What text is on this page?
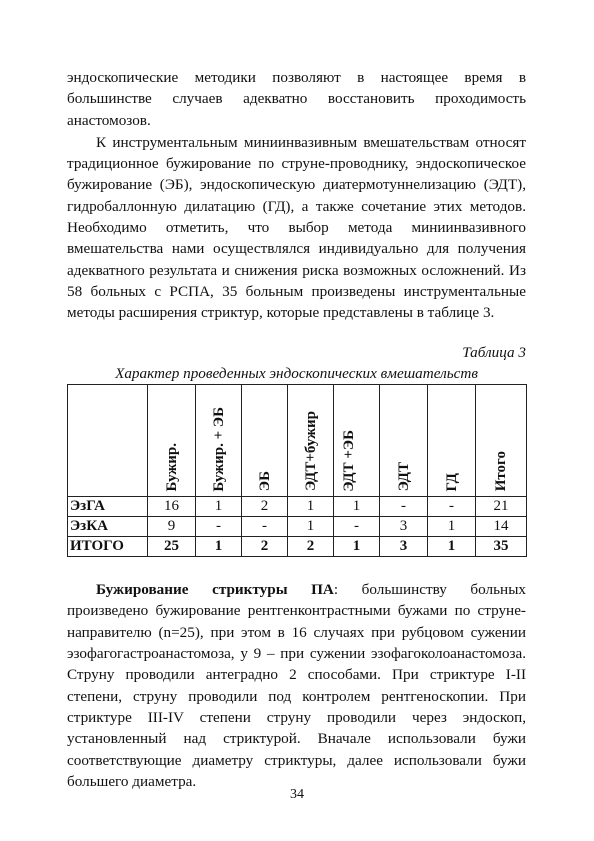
эндоскопические методики позволяют в настоящее время в большинстве случаев адекватно восстановить проходимость анастомозов.

К инструментальным миниинвазивным вмешательствам относят традиционное бужирование по струне-проводнику, эндоскопическое бужирование (ЭБ), эндоскопическую диатермотуннелизацию (ЭДТ), гидробаллонную дилатацию (ГД), а также сочетание этих методов. Необходимо отметить, что выбор метода миниинвазивного вмешательства нами осуществлялся индивидуально для получения адекватного результата и снижения риска возможных осложнений. Из 58 больных с РСПА, 35 больным произведены инструментальные методы расширения стриктур, которые представлены в таблице 3.

Таблица 3

Характер проведенных эндоскопических вмешательств

	Бужир.	Бужир. + ЭБ	ЭБ	ЭДТ+бужир	ЭДТ +ЭБ	ЭДТ	ГД	Итого
ЭзГА	16	1	2	1	1	-	-	21
ЭзКА	9	-	-	1	-	3	1	14
ИТОГО	25	1	2	2	1	3	1	35

Бужирование стриктуры ПА: большинству больных произведено бужирование рентгенконтрастными бужами по струне-направителю (n=25), при этом в 16 случаях при рубцовом сужении эзофагогастроанастомоза, у 9 – при сужении эзофагоколоанастомоза. Струну проводили антеградно 2 способами. При стриктуре I-II степени, струну проводили под контролем рентгеноскопии. При стриктуре III-IV степени струну проводили через эндоскоп, установленный над стриктурой. Вначале использовали бужи соответствующие диаметру стриктуры, далее использовали бужи большего диаметра.

34
